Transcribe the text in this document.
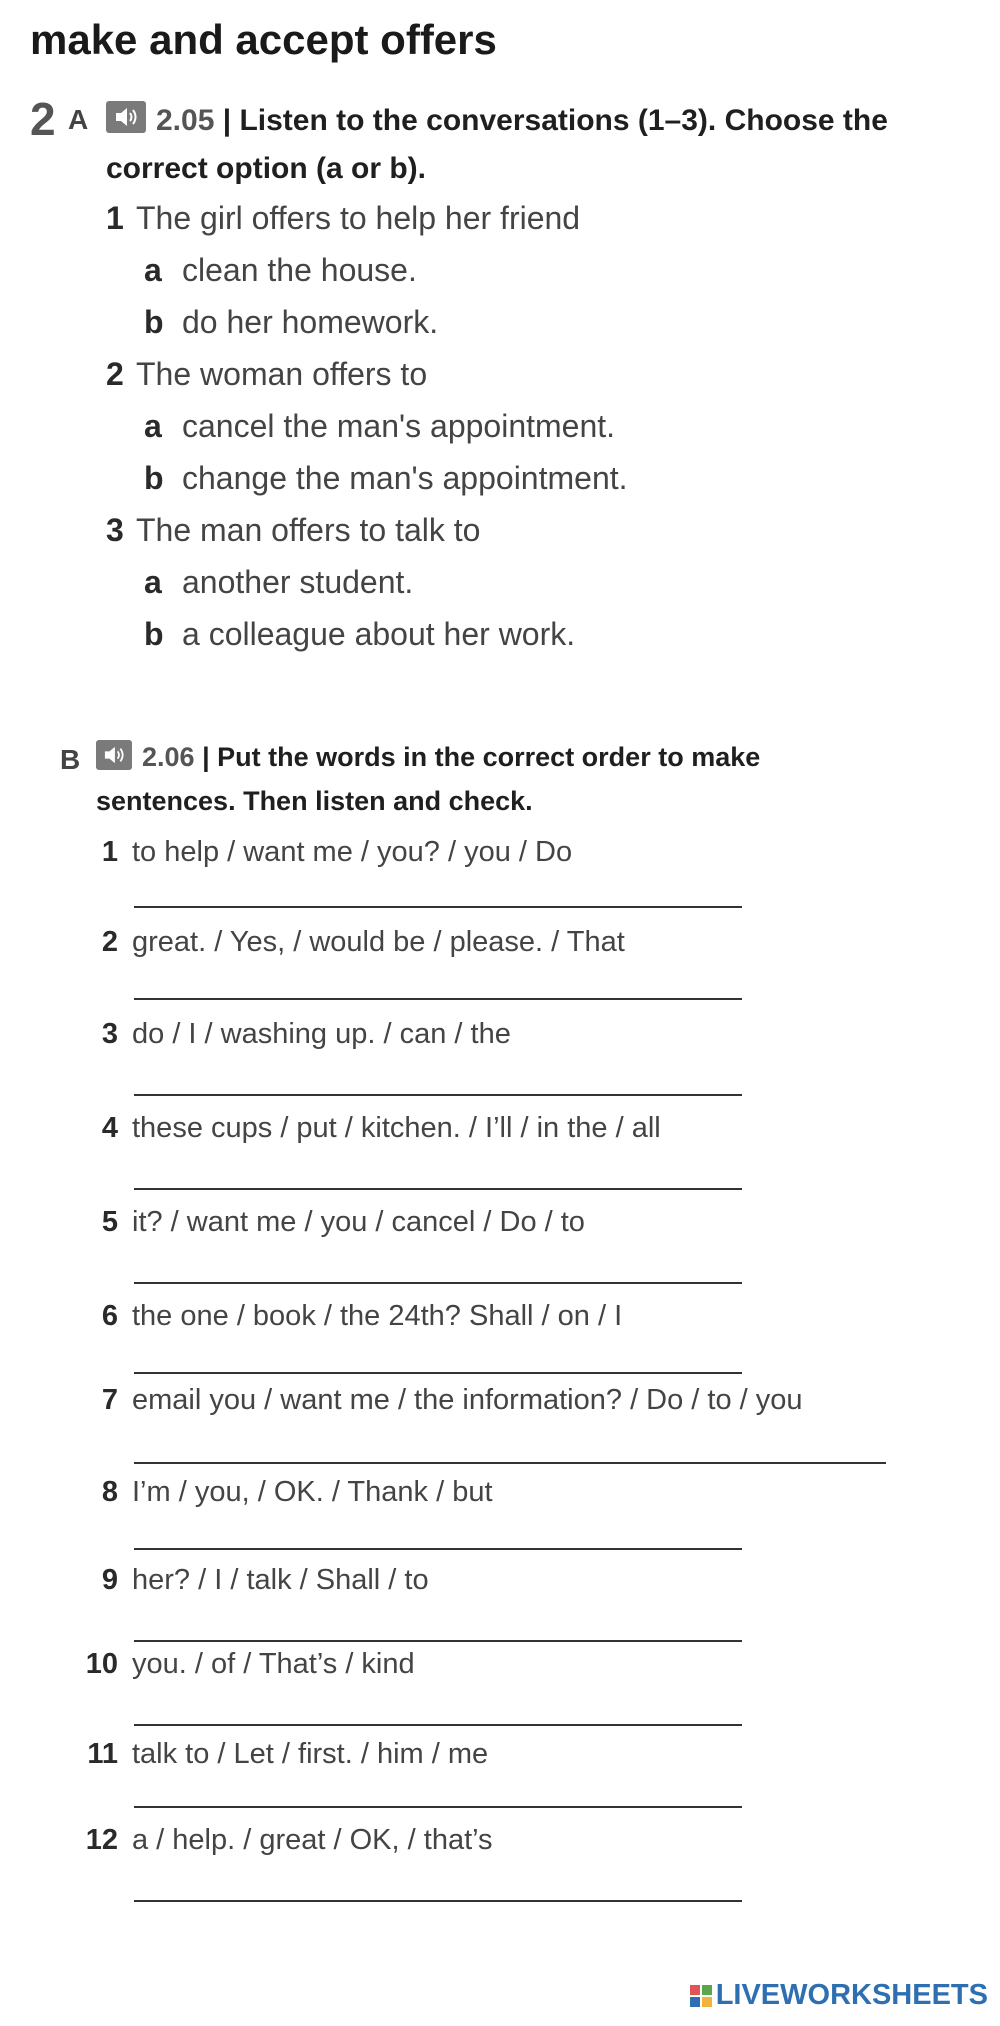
make and accept offers
2 A 2.05 | Listen to the conversations (1–3). Choose the
correct option (a or b).
1 The girl offers to help her friend
a clean the house.
b do her homework.
2 The woman offers to
a cancel the man's appointment.
b change the man's appointment.
3 The man offers to talk to
a another student.
b a colleague about her work.
B 2.06 | Put the words in the correct order to make
sentences. Then listen and check.
1 to help / want me / you? / you / Do
2 great. / Yes, / would be / please. / That
3 do / I / washing up. / can / the
4 these cups / put / kitchen. / I’ll / in the / all
5 it? / want me / you / cancel / Do / to
6 the one / book / the 24th? Shall / on / I
7 email you / want me / the information? / Do / to / you
8 I’m / you, / OK. / Thank / but
9 her? / I / talk / Shall / to
10 you. / of / That’s / kind
11 talk to / Let / first. / him / me
12 a / help. / great / OK, / that’s
LIVEWORKSHEETS
